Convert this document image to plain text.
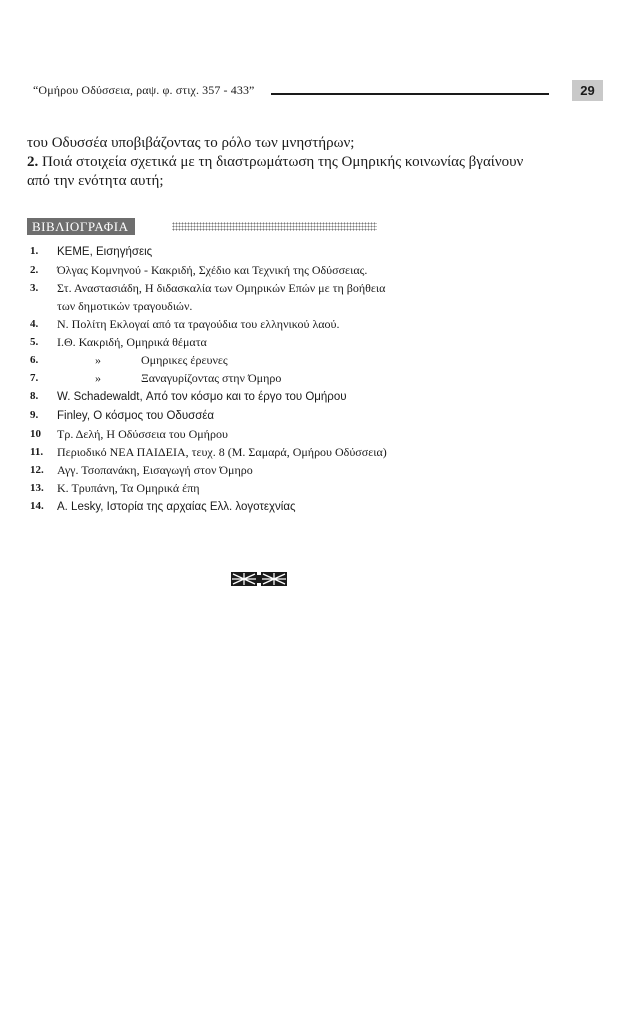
“Ομήρου Οδύσσεια, ραψ. φ. στιχ. 357 - 433”	29

του Οδυσσέα υποβιβάζοντας το ρόλο των μνηστήρων;

2. Ποιά στοιχεία σχετικά με τη διαστρωμάτωση της Ομηρικής κοινωνίας βγαίνουν

από την ενότητα αυτή;

ΒΙΒΛΙΟΓΡΑΦΙΑ
1. ΚΕΜΕ, Εισηγήσεις
2. Όλγας Κομνηνού - Κακριδή, Σχέδιο και Τεχνική της Οδύσσειας.
3. Στ. Αναστασιάδη, Η διδασκαλία των Ομηρικών Επών με τη βοήθεια
των δημοτικών τραγουδιών.
4. Ν. Πολίτη Εκλογαί από τα τραγούδια του ελληνικού λαού.
5. Ι.Θ. Κακριδή, Ομηρικά θέματα
6.	»	Ομηρικες έρευνες
7.	»	Ξαναγυρίζοντας στην Όμηρο
8. W. Schadewaldt, Από τον κόσμο και το έργο του Ομήρου
9. Finley, Ο κόσμος του Οδυσσέα
10 Τρ. Δελή, Η Οδύσσεια του Ομήρου
11. Περιοδικό ΝΕΑ ΠΑΙΔΕΙΑ, τευχ. 8 (Μ. Σαμαρά, Ομήρου Οδύσσεια)
12. Αγγ. Τσοπανάκη, Εισαγωγή στον Όμηρο
13. Κ. Τρυπάνη, Τα Ομηρικά έπη
14. A. Lesky, Ιστορία της αρχαίας Ελλ. λογοτεχνίας
